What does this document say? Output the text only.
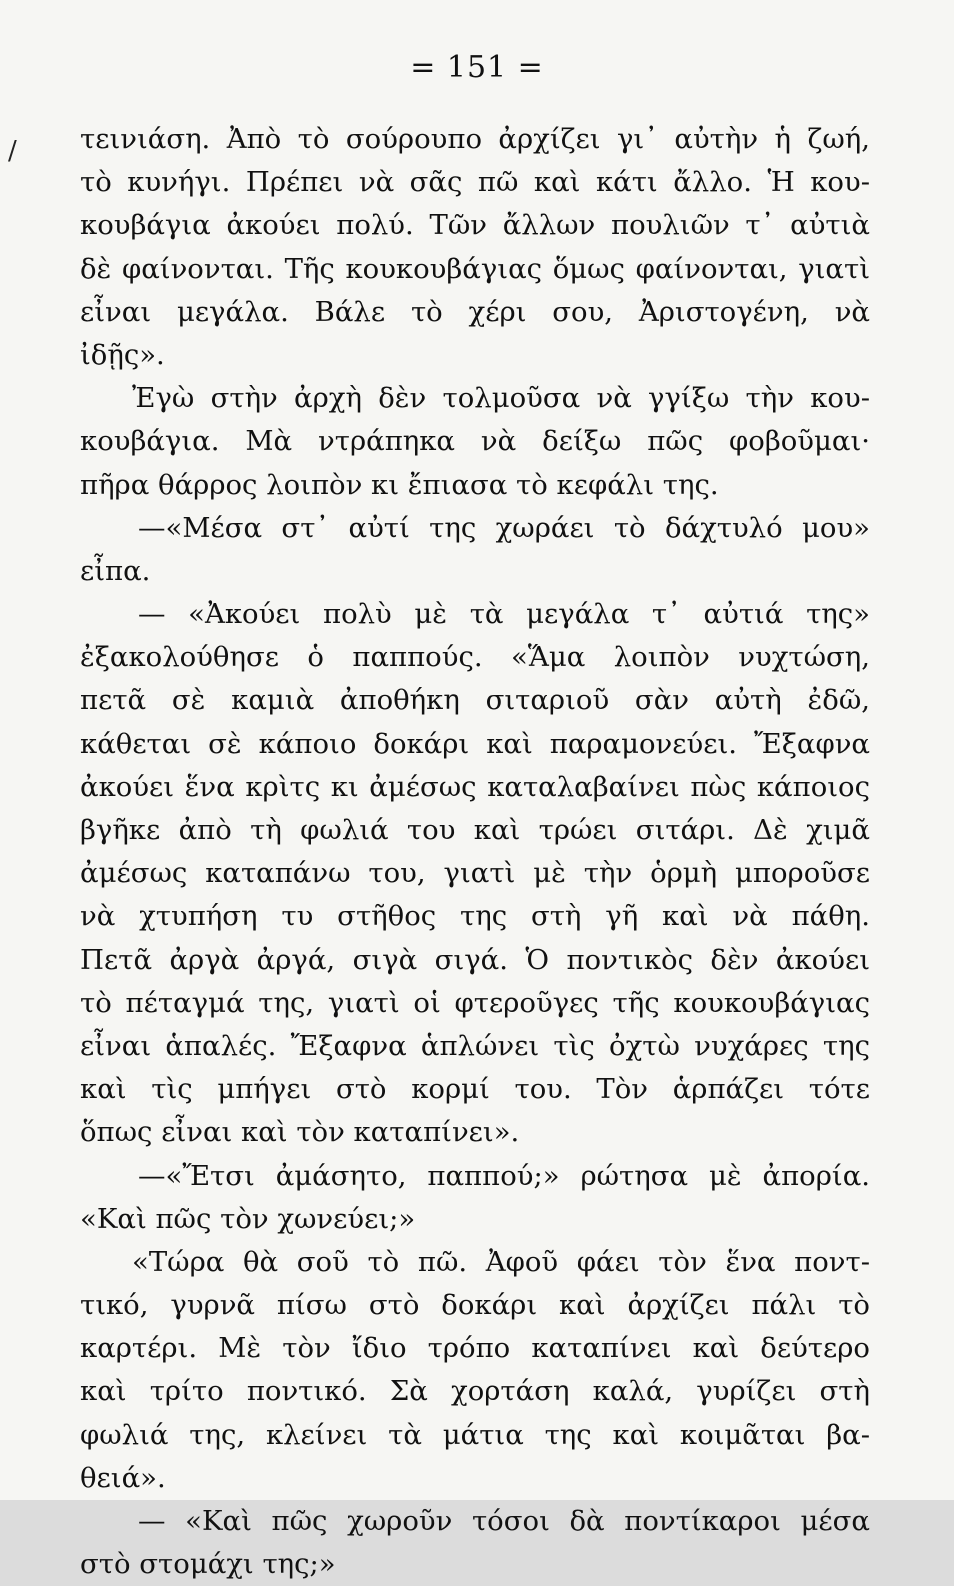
/
= 151 =
τεινιάση. Ἀπὸ τὸ σούρουπο ἀρχίζει γι᾽ αὐτὴν ἡ ζωή,
τὸ κυνήγι. Πρέπει νὰ σᾶς πῶ καὶ κάτι ἄλλο. Ἡ κου-
κουβάγια ἀκούει πολύ. Τῶν ἄλλων πουλιῶν τ᾽ αὐτιὰ
δὲ φαίνονται. Τῆς κουκουβάγιας ὅμως φαίνονται, γιατὶ
εἶναι μεγάλα. Βάλε τὸ χέρι σου, Ἀριστογένη, νὰ
ἰδῇς».
Ἐγὼ στὴν ἀρχὴ δὲν τολμοῦσα νὰ γγίξω τὴν κου-
κουβάγια. Μὰ ντράπηκα νὰ δείξω πῶς φοβοῦμαι·
πῆρα θάρρος λοιπὸν κι ἔπιασα τὸ κεφάλι της.
—«Μέσα στ᾽ αὐτί της χωράει τὸ δάχτυλό μου»
εἶπα.
— «Ἀκούει πολὺ μὲ τὰ μεγάλα τ᾽ αὐτιά της»
ἐξακολούθησε ὁ παππούς. «Ἅμα λοιπὸν νυχτώση,
πετᾶ σὲ καμιὰ ἀποθήκη σιταριοῦ σὰν αὐτὴ ἐδῶ,
κάθεται σὲ κάποιο δοκάρι καὶ παραμονεύει. Ἔξαφνα
ἀκούει ἕνα κρὶτς κι ἀμέσως καταλαβαίνει πὼς κάποιος
βγῆκε ἀπὸ τὴ φωλιά του καὶ τρώει σιτάρι. Δὲ χιμᾶ
ἀμέσως καταπάνω του, γιατὶ μὲ τὴν ὁρμὴ μποροῦσε
νὰ χτυπήση τυ στῆθος της στὴ γῆ καὶ νὰ πάθη.
Πετᾶ ἀργὰ ἀργά, σιγὰ σιγά. Ὁ ποντικὸς δὲν ἀκούει
τὸ πέταγμά της, γιατὶ οἱ φτεροῦγες τῆς κουκουβάγιας
εἶναι ἁπαλές. Ἔξαφνα ἁπλώνει τὶς ὀχτὼ νυχάρες της
καὶ τὶς μπήγει στὸ κορμί του. Τὸν ἁρπάζει τότε
ὅπως εἶναι καὶ τὸν καταπίνει».
—«Ἔτσι ἀμάσητο, παππού;» ρώτησα μὲ ἀπορία.
«Καὶ πῶς τὸν χωνεύει;»
«Τώρα θὰ σοῦ τὸ πῶ. Ἀφοῦ φάει τὸν ἕνα ποντ-
τικό, γυρνᾶ πίσω στὸ δοκάρι καὶ ἀρχίζει πάλι τὸ
καρτέρι. Μὲ τὸν ἴδιο τρόπο καταπίνει καὶ δεύτερο
καὶ τρίτο ποντικό. Σὰ χορτάση καλά, γυρίζει στὴ
φωλιά της, κλείνει τὰ μάτια της καὶ κοιμᾶται βα-
θειά».
— «Καὶ πῶς χωροῦν τόσοι δὰ ποντίκαροι μέσα
στὸ στομάχι της;»
